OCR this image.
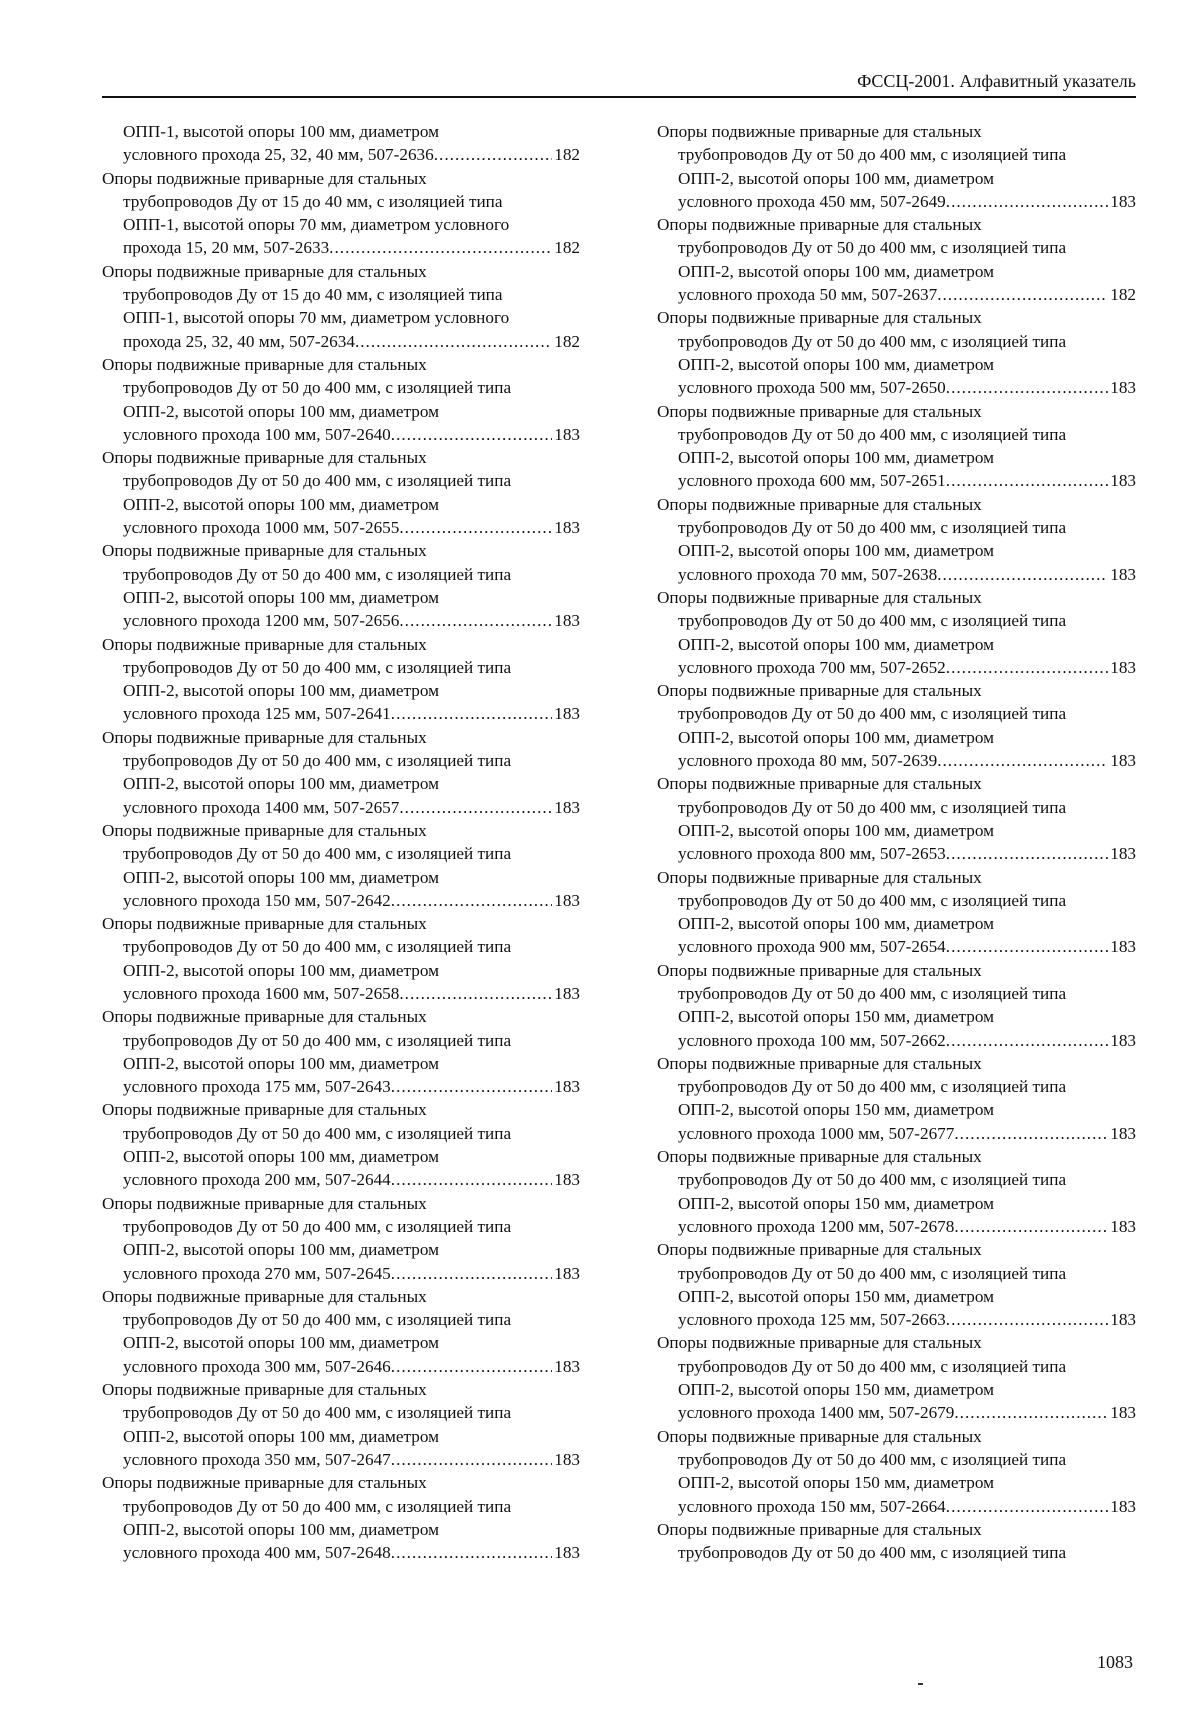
ФССЦ-2001. Алфавитный указатель
ОПП-1, высотой опоры 100 мм, диаметром
условного прохода 25, 32, 40 мм, 507-2636 .....	182
Опоры подвижные приварные для стальных
трубопроводов Ду от 15 до 40 мм, с изоляцией типа
ОПП-1, высотой опоры 70 мм, диаметром условного
прохода 15, 20 мм, 507-2633 .....	182
Опоры подвижные приварные для стальных
трубопроводов Ду от 15 до 40 мм, с изоляцией типа
ОПП-1, высотой опоры 70 мм, диаметром условного
прохода 25, 32, 40 мм, 507-2634 .....	182
Опоры подвижные приварные для стальных
трубопроводов Ду от 50 до 400 мм, с изоляцией типа
ОПП-2, высотой опоры 100 мм, диаметром
условного прохода 100 мм, 507-2640 .....	183
Опоры подвижные приварные для стальных
трубопроводов Ду от 50 до 400 мм, с изоляцией типа
ОПП-2, высотой опоры 100 мм, диаметром
условного прохода 1000 мм, 507-2655 .....	183
Опоры подвижные приварные для стальных
трубопроводов Ду от 50 до 400 мм, с изоляцией типа
ОПП-2, высотой опоры 100 мм, диаметром
условного прохода 1200 мм, 507-2656 .....	183
Опоры подвижные приварные для стальных
трубопроводов Ду от 50 до 400 мм, с изоляцией типа
ОПП-2, высотой опоры 100 мм, диаметром
условного прохода 125 мм, 507-2641 .....	183
Опоры подвижные приварные для стальных
трубопроводов Ду от 50 до 400 мм, с изоляцией типа
ОПП-2, высотой опоры 100 мм, диаметром
условного прохода 1400 мм, 507-2657 .....	183
Опоры подвижные приварные для стальных
трубопроводов Ду от 50 до 400 мм, с изоляцией типа
ОПП-2, высотой опоры 100 мм, диаметром
условного прохода 150 мм, 507-2642 .....	183
Опоры подвижные приварные для стальных
трубопроводов Ду от 50 до 400 мм, с изоляцией типа
ОПП-2, высотой опоры 100 мм, диаметром
условного прохода 1600 мм, 507-2658 .....	183
Опоры подвижные приварные для стальных
трубопроводов Ду от 50 до 400 мм, с изоляцией типа
ОПП-2, высотой опоры 100 мм, диаметром
условного прохода 175 мм, 507-2643 .....	183
Опоры подвижные приварные для стальных
трубопроводов Ду от 50 до 400 мм, с изоляцией типа
ОПП-2, высотой опоры 100 мм, диаметром
условного прохода 200 мм, 507-2644 .....	183
Опоры подвижные приварные для стальных
трубопроводов Ду от 50 до 400 мм, с изоляцией типа
ОПП-2, высотой опоры 100 мм, диаметром
условного прохода 270 мм, 507-2645 .....	183
Опоры подвижные приварные для стальных
трубопроводов Ду от 50 до 400 мм, с изоляцией типа
ОПП-2, высотой опоры 100 мм, диаметром
условного прохода 300 мм, 507-2646 .....	183
Опоры подвижные приварные для стальных
трубопроводов Ду от 50 до 400 мм, с изоляцией типа
ОПП-2, высотой опоры 100 мм, диаметром
условного прохода 350 мм, 507-2647 .....	183
Опоры подвижные приварные для стальных
трубопроводов Ду от 50 до 400 мм, с изоляцией типа
ОПП-2, высотой опоры 100 мм, диаметром
условного прохода 400 мм, 507-2648 .....	183
Опоры подвижные приварные для стальных
трубопроводов Ду от 50 до 400 мм, с изоляцией типа
ОПП-2, высотой опоры 100 мм, диаметром
условного прохода 450 мм, 507-2649 .....	183
Опоры подвижные приварные для стальных
трубопроводов Ду от 50 до 400 мм, с изоляцией типа
ОПП-2, высотой опоры 100 мм, диаметром
условного прохода 50 мм, 507-2637 .....	182
Опоры подвижные приварные для стальных
трубопроводов Ду от 50 до 400 мм, с изоляцией типа
ОПП-2, высотой опоры 100 мм, диаметром
условного прохода 500 мм, 507-2650 .....	183
Опоры подвижные приварные для стальных
трубопроводов Ду от 50 до 400 мм, с изоляцией типа
ОПП-2, высотой опоры 100 мм, диаметром
условного прохода 600 мм, 507-2651 .....	183
Опоры подвижные приварные для стальных
трубопроводов Ду от 50 до 400 мм, с изоляцией типа
ОПП-2, высотой опоры 100 мм, диаметром
условного прохода 70 мм, 507-2638 .....	183
Опоры подвижные приварные для стальных
трубопроводов Ду от 50 до 400 мм, с изоляцией типа
ОПП-2, высотой опоры 100 мм, диаметром
условного прохода 700 мм, 507-2652 .....	183
Опоры подвижные приварные для стальных
трубопроводов Ду от 50 до 400 мм, с изоляцией типа
ОПП-2, высотой опоры 100 мм, диаметром
условного прохода 80 мм, 507-2639 .....	183
Опоры подвижные приварные для стальных
трубопроводов Ду от 50 до 400 мм, с изоляцией типа
ОПП-2, высотой опоры 100 мм, диаметром
условного прохода 800 мм, 507-2653 .....	183
Опоры подвижные приварные для стальных
трубопроводов Ду от 50 до 400 мм, с изоляцией типа
ОПП-2, высотой опоры 100 мм, диаметром
условного прохода 900 мм, 507-2654 .....	183
Опоры подвижные приварные для стальных
трубопроводов Ду от 50 до 400 мм, с изоляцией типа
ОПП-2, высотой опоры 150 мм, диаметром
условного прохода 100 мм, 507-2662 .....	183
Опоры подвижные приварные для стальных
трубопроводов Ду от 50 до 400 мм, с изоляцией типа
ОПП-2, высотой опоры 150 мм, диаметром
условного прохода 1000 мм, 507-2677 .....	183
Опоры подвижные приварные для стальных
трубопроводов Ду от 50 до 400 мм, с изоляцией типа
ОПП-2, высотой опоры 150 мм, диаметром
условного прохода 1200 мм, 507-2678 .....	183
Опоры подвижные приварные для стальных
трубопроводов Ду от 50 до 400 мм, с изоляцией типа
ОПП-2, высотой опоры 150 мм, диаметром
условного прохода 125 мм, 507-2663 .....	183
Опоры подвижные приварные для стальных
трубопроводов Ду от 50 до 400 мм, с изоляцией типа
ОПП-2, высотой опоры 150 мм, диаметром
условного прохода 1400 мм, 507-2679 .....	183
Опоры подвижные приварные для стальных
трубопроводов Ду от 50 до 400 мм, с изоляцией типа
ОПП-2, высотой опоры 150 мм, диаметром
условного прохода 150 мм, 507-2664 .....	183
Опоры подвижные приварные для стальных
трубопроводов Ду от 50 до 400 мм, с изоляцией типа
1083
